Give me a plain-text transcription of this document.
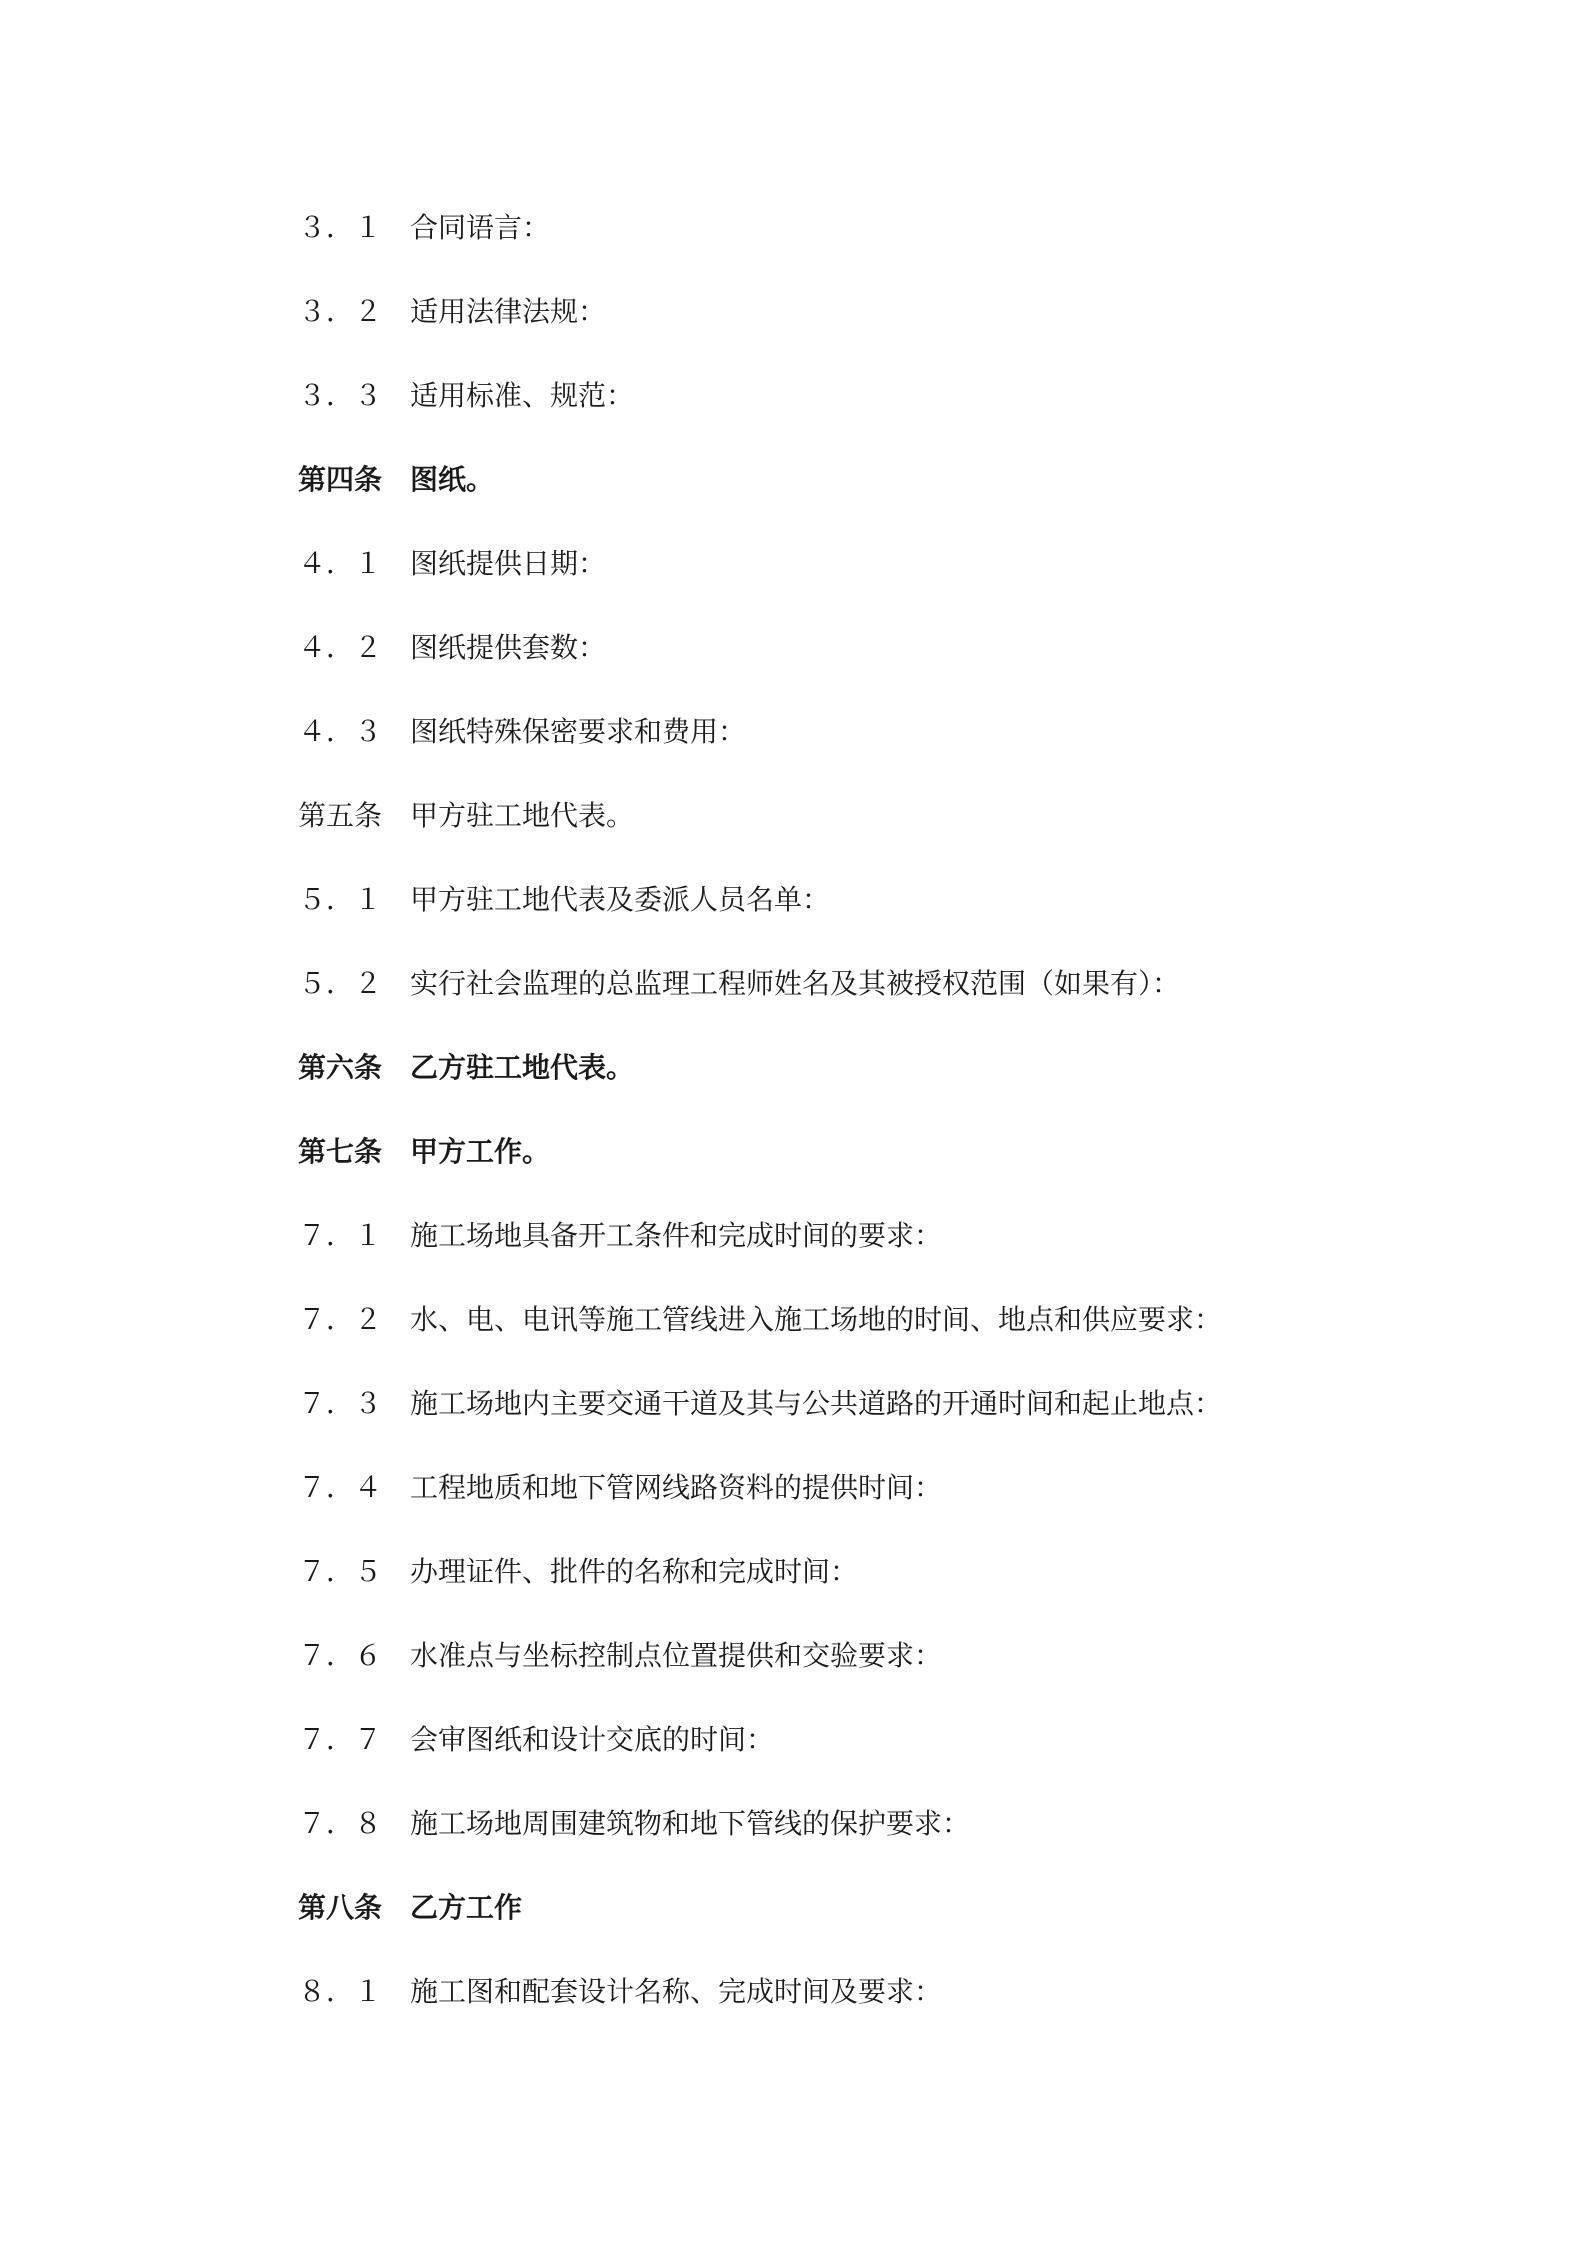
３．１ 合同语言：
３．２ 适用法律法规：
３．３ 适用标准、规范：
第四条 图纸。
４．１ 图纸提供日期：
４．２ 图纸提供套数：
４．３ 图纸特殊保密要求和费用：
第五条 甲方驻工地代表。
５．１ 甲方驻工地代表及委派人员名单：
５．２ 实行社会监理的总监理工程师姓名及其被授权范围（如果有）：
第六条 乙方驻工地代表。
第七条 甲方工作。
７．１ 施工场地具备开工条件和完成时间的要求：
７．２ 水、电、电讯等施工管线进入施工场地的时间、地点和供应要求：
７．３ 施工场地内主要交通干道及其与公共道路的开通时间和起止地点：
７．４ 工程地质和地下管网线路资料的提供时间：
７．５ 办理证件、批件的名称和完成时间：
７．６ 水准点与坐标控制点位置提供和交验要求：
７．７ 会审图纸和设计交底的时间：
７．８ 施工场地周围建筑物和地下管线的保护要求：
第八条 乙方工作
８．１ 施工图和配套设计名称、完成时间及要求：
